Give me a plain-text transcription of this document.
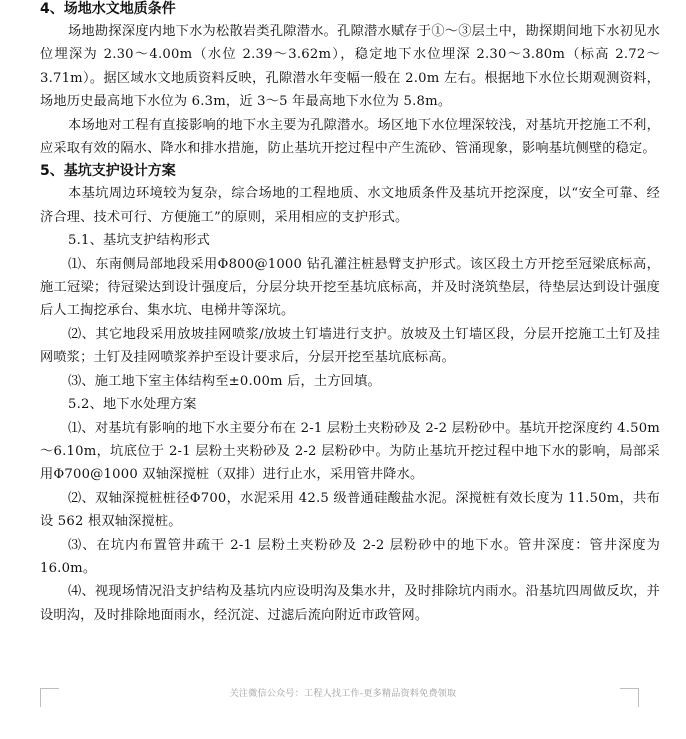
4、场地水文地质条件

场地勘探深度内地下水为松散岩类孔隙潜水。孔隙潜水赋存于①～③层土中，勘探期间地下水初见水位埋深为 2.30～4.00m（水位 2.39～3.62m），稳定地下水位埋深 2.30～3.80m（标高 2.72～3.71m）。据区域水文地质资料反映，孔隙潜水年变幅一般在 2.0m 左右。根据地下水位长期观测资料，场地历史最高地下水位为 6.3m，近 3～5 年最高地下水位为 5.8m。

本场地对工程有直接影响的地下水主要为孔隙潜水。场区地下水位埋深较浅，对基坑开挖施工不利，应采取有效的隔水、降水和排水措施，防止基坑开挖过程中产生流砂、管涌现象，影响基坑侧壁的稳定。

5、基坑支护设计方案

本基坑周边环境较为复杂，综合场地的工程地质、水文地质条件及基坑开挖深度，以“安全可靠、经济合理、技术可行、方便施工”的原则，采用相应的支护形式。

5.1、基坑支护结构形式

⑴、东南侧局部地段采用Φ800@1000 钻孔灌注桩悬臂支护形式。该区段土方开挖至冠梁底标高，施工冠梁；待冠梁达到设计强度后，分层分块开挖至基坑底标高，并及时浇筑垫层，待垫层达到设计强度后人工掏挖承台、集水坑、电梯井等深坑。

⑵、其它地段采用放坡挂网喷浆/放坡土钉墙进行支护。放坡及土钉墙区段，分层开挖施工土钉及挂网喷浆；土钉及挂网喷浆养护至设计要求后，分层开挖至基坑底标高。

⑶、施工地下室主体结构至±0.00m 后，土方回填。

5.2、地下水处理方案

⑴、对基坑有影响的地下水主要分布在 2-1 层粉土夹粉砂及 2-2 层粉砂中。基坑开挖深度约 4.50m～6.10m，坑底位于 2-1 层粉土夹粉砂及 2-2 层粉砂中。为防止基坑开挖过程中地下水的影响，局部采用Φ700@1000 双轴深搅桩（双排）进行止水，采用管井降水。

⑵、双轴深搅桩桩径Φ700，水泥采用 42.5 级普通硅酸盐水泥。深搅桩有效长度为 11.50m，共布设 562 根双轴深搅桩。

⑶、在坑内布置管井疏干 2-1 层粉土夹粉砂及 2-2 层粉砂中的地下水。管井深度：管井深度为 16.0m。

⑷、视现场情况沿支护结构及基坑内应设明沟及集水井，及时排除坑内雨水。沿基坑四周做反坎，并设明沟，及时排除地面雨水，经沉淀、过滤后流向附近市政管网。

关注微信公众号：工程人找工作-更多精品资料免费领取
